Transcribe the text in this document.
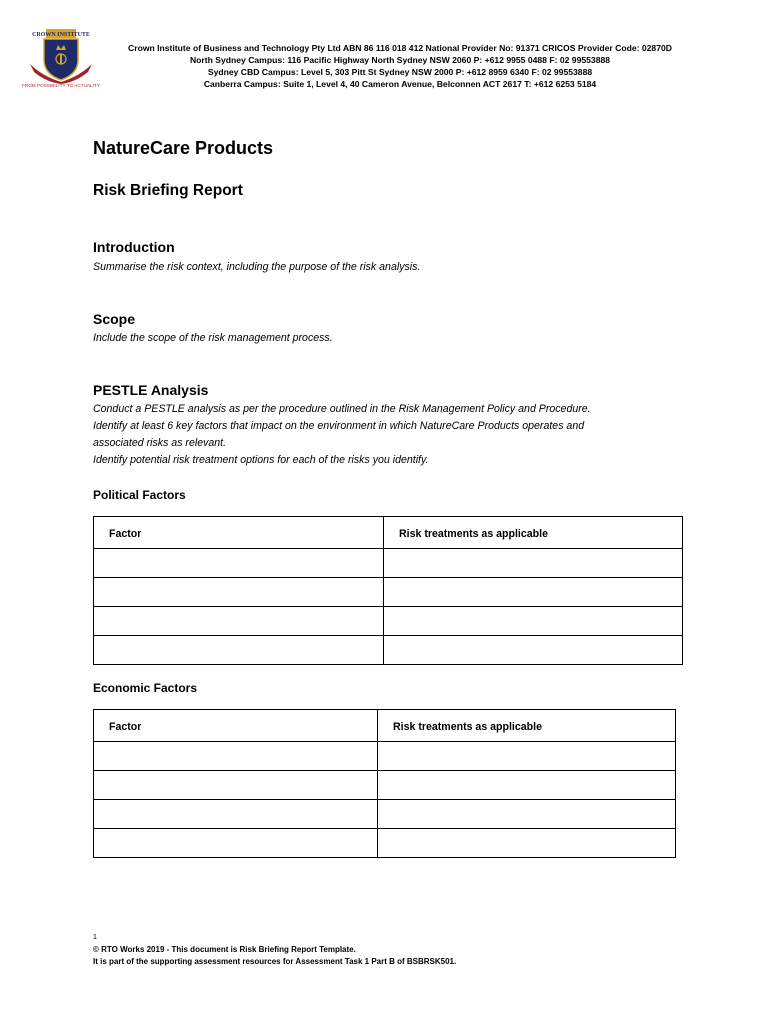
CROWN INSTITUTE
FROM POSSIBILITY TO ACTUALITY
Crown Institute of Business and Technology Pty Ltd ABN 86 116 018 412 National Provider No: 91371 CRICOS Provider Code: 02870D
North Sydney Campus: 116 Pacific Highway North Sydney NSW 2060 P: +612 9955 0488 F: 02 99553888
Sydney CBD Campus: Level 5, 303 Pitt St Sydney NSW 2000 P: +612 8959 6340 F: 02 99553888
Canberra Campus: Suite 1, Level 4, 40 Cameron Avenue, Belconnen ACT 2617 T: +612 6253 5184
NatureCare Products
Risk Briefing Report
Introduction

Summarise the risk context, including the purpose of the risk analysis.

Scope

Include the scope of the risk management process.

PESTLE Analysis
Conduct a PESTLE analysis as per the procedure outlined in the Risk Management Policy and Procedure.
Identify at least 6 key factors that impact on the environment in which NatureCare Products operates and
associated risks as relevant.
Identify potential risk treatment options for each of the risks you identify.
Political Factors
Factor	Risk treatments as applicable

Economic Factors
Factor	Risk treatments as applicable

1
© RTO Works 2019 - This document is Risk Briefing Report Template.
It is part of the supporting assessment resources for Assessment Task 1 Part B of BSBRSK501.
